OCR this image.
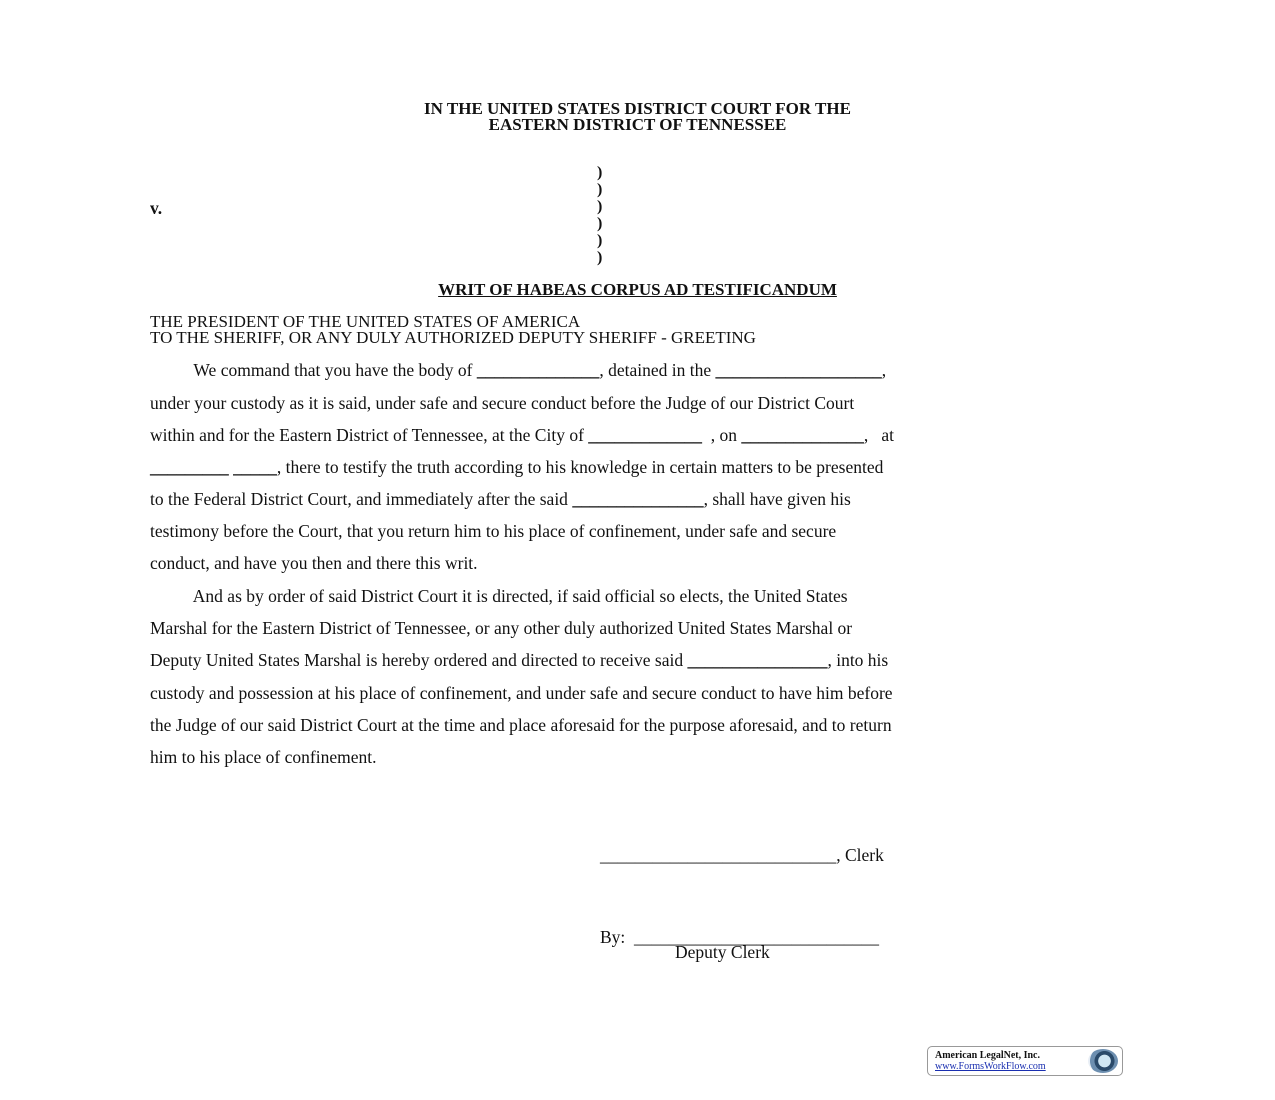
IN THE UNITED STATES DISTRICT COURT FOR THE
EASTERN DISTRICT OF TENNESSEE
v.
)
)
)
)
)
)
WRIT OF HABEAS CORPUS AD TESTIFICANDUM
THE PRESIDENT OF THE UNITED STATES OF AMERICA
TO THE SHERIFF, OR ANY DULY AUTHORIZED DEPUTY SHERIFF - GREETING
We command that you have the body of ______________, detained in the ___________________,
under your custody as it is said, under safe and secure conduct before the Judge of our District Court
within and for the Eastern District of Tennessee, at the City of _____________  , on ______________,   at
_________ _____, there to testify the truth according to his knowledge in certain matters to be presented
to the Federal District Court, and immediately after the said _______________, shall have given his
testimony before the Court, that you return him to his place of confinement, under safe and secure
conduct, and have you then and there this writ.
And as by order of said District Court it is directed, if said official so elects, the United States
Marshal for the Eastern District of Tennessee, or any other duly authorized United States Marshal or
Deputy United States Marshal is hereby ordered and directed to receive said ________________, into his
custody and possession at his place of confinement, and under safe and secure conduct to have him before
the Judge of our said District Court at the time and place aforesaid for the purpose aforesaid, and to return
him to his place of confinement.
___________________________, Clerk
By:  ____________________________
Deputy Clerk
American LegalNet, Inc.
www.FormsWorkFlow.com
